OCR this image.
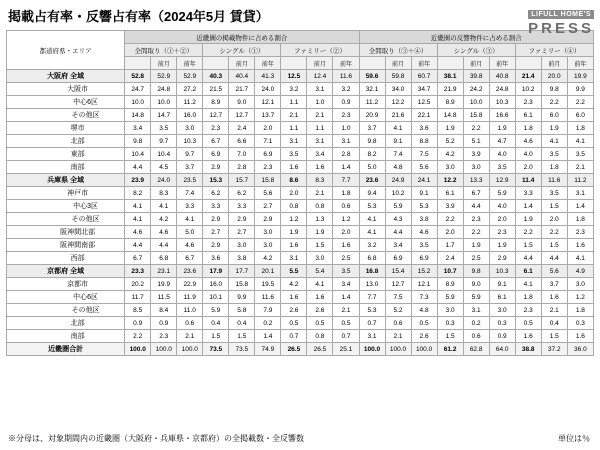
掲載占有率・反響占有率（2024年5月 賃貸）	LIFULL HOME'S
PRESS
都道府県・エリア	近畿圏の掲載物件に占める割合									近畿圏の反響物件に占める割合								
	全間取り（①＋②）			シングル（①）			ファミリー（②）			全間取り（③＋④）			シングル（③）			ファミリー（④）		
		前月	前年		前月	前年		前月	前年		前月	前年		前月	前年		前月	前年
大阪府 全域	52.8	52.9	52.9	40.3	40.4	41.3	12.5	12.4	11.6	59.6	59.8	60.7	38.1	39.8	40.8	21.4	20.0	19.9
大阪市	24.7	24.8	27.2	21.5	21.7	24.0	3.2	3.1	3.2	32.1	34.0	34.7	21.9	24.2	24.8	10.2	9.8	9.9
中心6区	10.0	10.0	11.2	8.9	9.0	12.1	1.1	1.0	0.9	11.2	12.2	12.5	8.9	10.0	10.3	2.3	2.2	2.2
その他区	14.8	14.7	16.0	12.7	12.7	13.7	2.1	2.1	2.3	20.9	21.6	22.1	14.8	15.8	16.6	6.1	6.0	6.0
堺市	3.4	3.5	3.0	2.3	2.4	2.0	1.1	1.1	1.0	3.7	4.1	3.6	1.9	2.2	1.9	1.8	1.9	1.8
北部	9.8	9.7	10.3	6.7	6.6	7.1	3.1	3.1	3.1	9.8	9.1	8.8	5.2	5.1	4.7	4.6	4.1	4.1
東部	10.4	10.4	9.7	6.9	7.0	6.9	3.5	3.4	2.8	8.2	7.4	7.5	4.2	3.9	4.0	4.0	3.5	3.5
南部	4.4	4.5	3.7	2.9	2.8	2.3	1.6	1.6	1.4	5.0	4.8	5.6	3.0	3.0	3.5	2.0	1.8	2.1
兵庫県 全域	23.9	24.0	23.5	15.3	15.7	15.8	8.6	8.3	7.7	23.6	24.9	24.1	12.2	13.3	12.9	11.4	11.6	11.2
神戸市	8.2	8.3	7.4	6.2	6.2	5.6	2.0	2.1	1.8	9.4	10.2	9.1	6.1	6.7	5.9	3.3	3.5	3.1
中心3区	4.1	4.1	3.3	3.3	3.3	2.7	0.8	0.8	0.6	5.3	5.9	5.3	3.9	4.4	4.0	1.4	1.5	1.4
その他区	4.1	4.2	4.1	2.9	2.9	2.9	1.2	1.3	1.2	4.1	4.3	3.8	2.2	2.3	2.0	1.9	2.0	1.8
阪神間北部	4.6	4.6	5.0	2.7	2.7	3.0	1.9	1.9	2.0	4.1	4.4	4.6	2.0	2.2	2.3	2.2	2.2	2.3
阪神間南部	4.4	4.4	4.6	2.9	3.0	3.0	1.6	1.5	1.6	3.2	3.4	3.5	1.7	1.9	1.9	1.5	1.5	1.6
西部	6.7	6.8	6.7	3.6	3.8	4.2	3.1	3.0	2.5	6.8	6.9	6.9	2.4	2.5	2.9	4.4	4.4	4.1
京都府 全域	23.3	23.1	23.6	17.9	17.7	20.1	5.5	5.4	3.5	16.8	15.4	15.2	10.7	9.8	10.3	6.1	5.6	4.9
京都市	20.2	19.9	22.9	16.0	15.8	19.5	4.2	4.1	3.4	13.0	12.7	12.1	8.9	9.0	9.1	4.1	3.7	3.0
中心6区	11.7	11.5	11.9	10.1	9.9	11.6	1.6	1.6	1.4	7.7	7.5	7.3	5.9	5.9	6.1	1.8	1.6	1.2
その他区	8.5	8.4	11.0	5.9	5.8	7.9	2.6	2.6	2.1	5.3	5.2	4.8	3.0	3.1	3.0	2.3	2.1	1.8
北部	0.9	0.9	0.6	0.4	0.4	0.2	0.5	0.5	0.5	0.7	0.6	0.5	0.3	0.2	0.3	0.5	0.4	0.3
南部	2.2	2.3	2.1	1.5	1.5	1.4	0.7	0.8	0.7	3.1	2.1	2.6	1.5	0.6	0.9	1.6	1.5	1.6
近畿圏合計	100.0	100.0	100.0	73.5	73.5	74.9	26.5	26.5	25.1	100.0	100.0	100.0	61.2	62.8	64.0	38.8	37.2	36.0
※分母は、対象期間内の近畿圏（大阪府・兵庫県・京都府）の全掲載数・全反響数	単位は％
